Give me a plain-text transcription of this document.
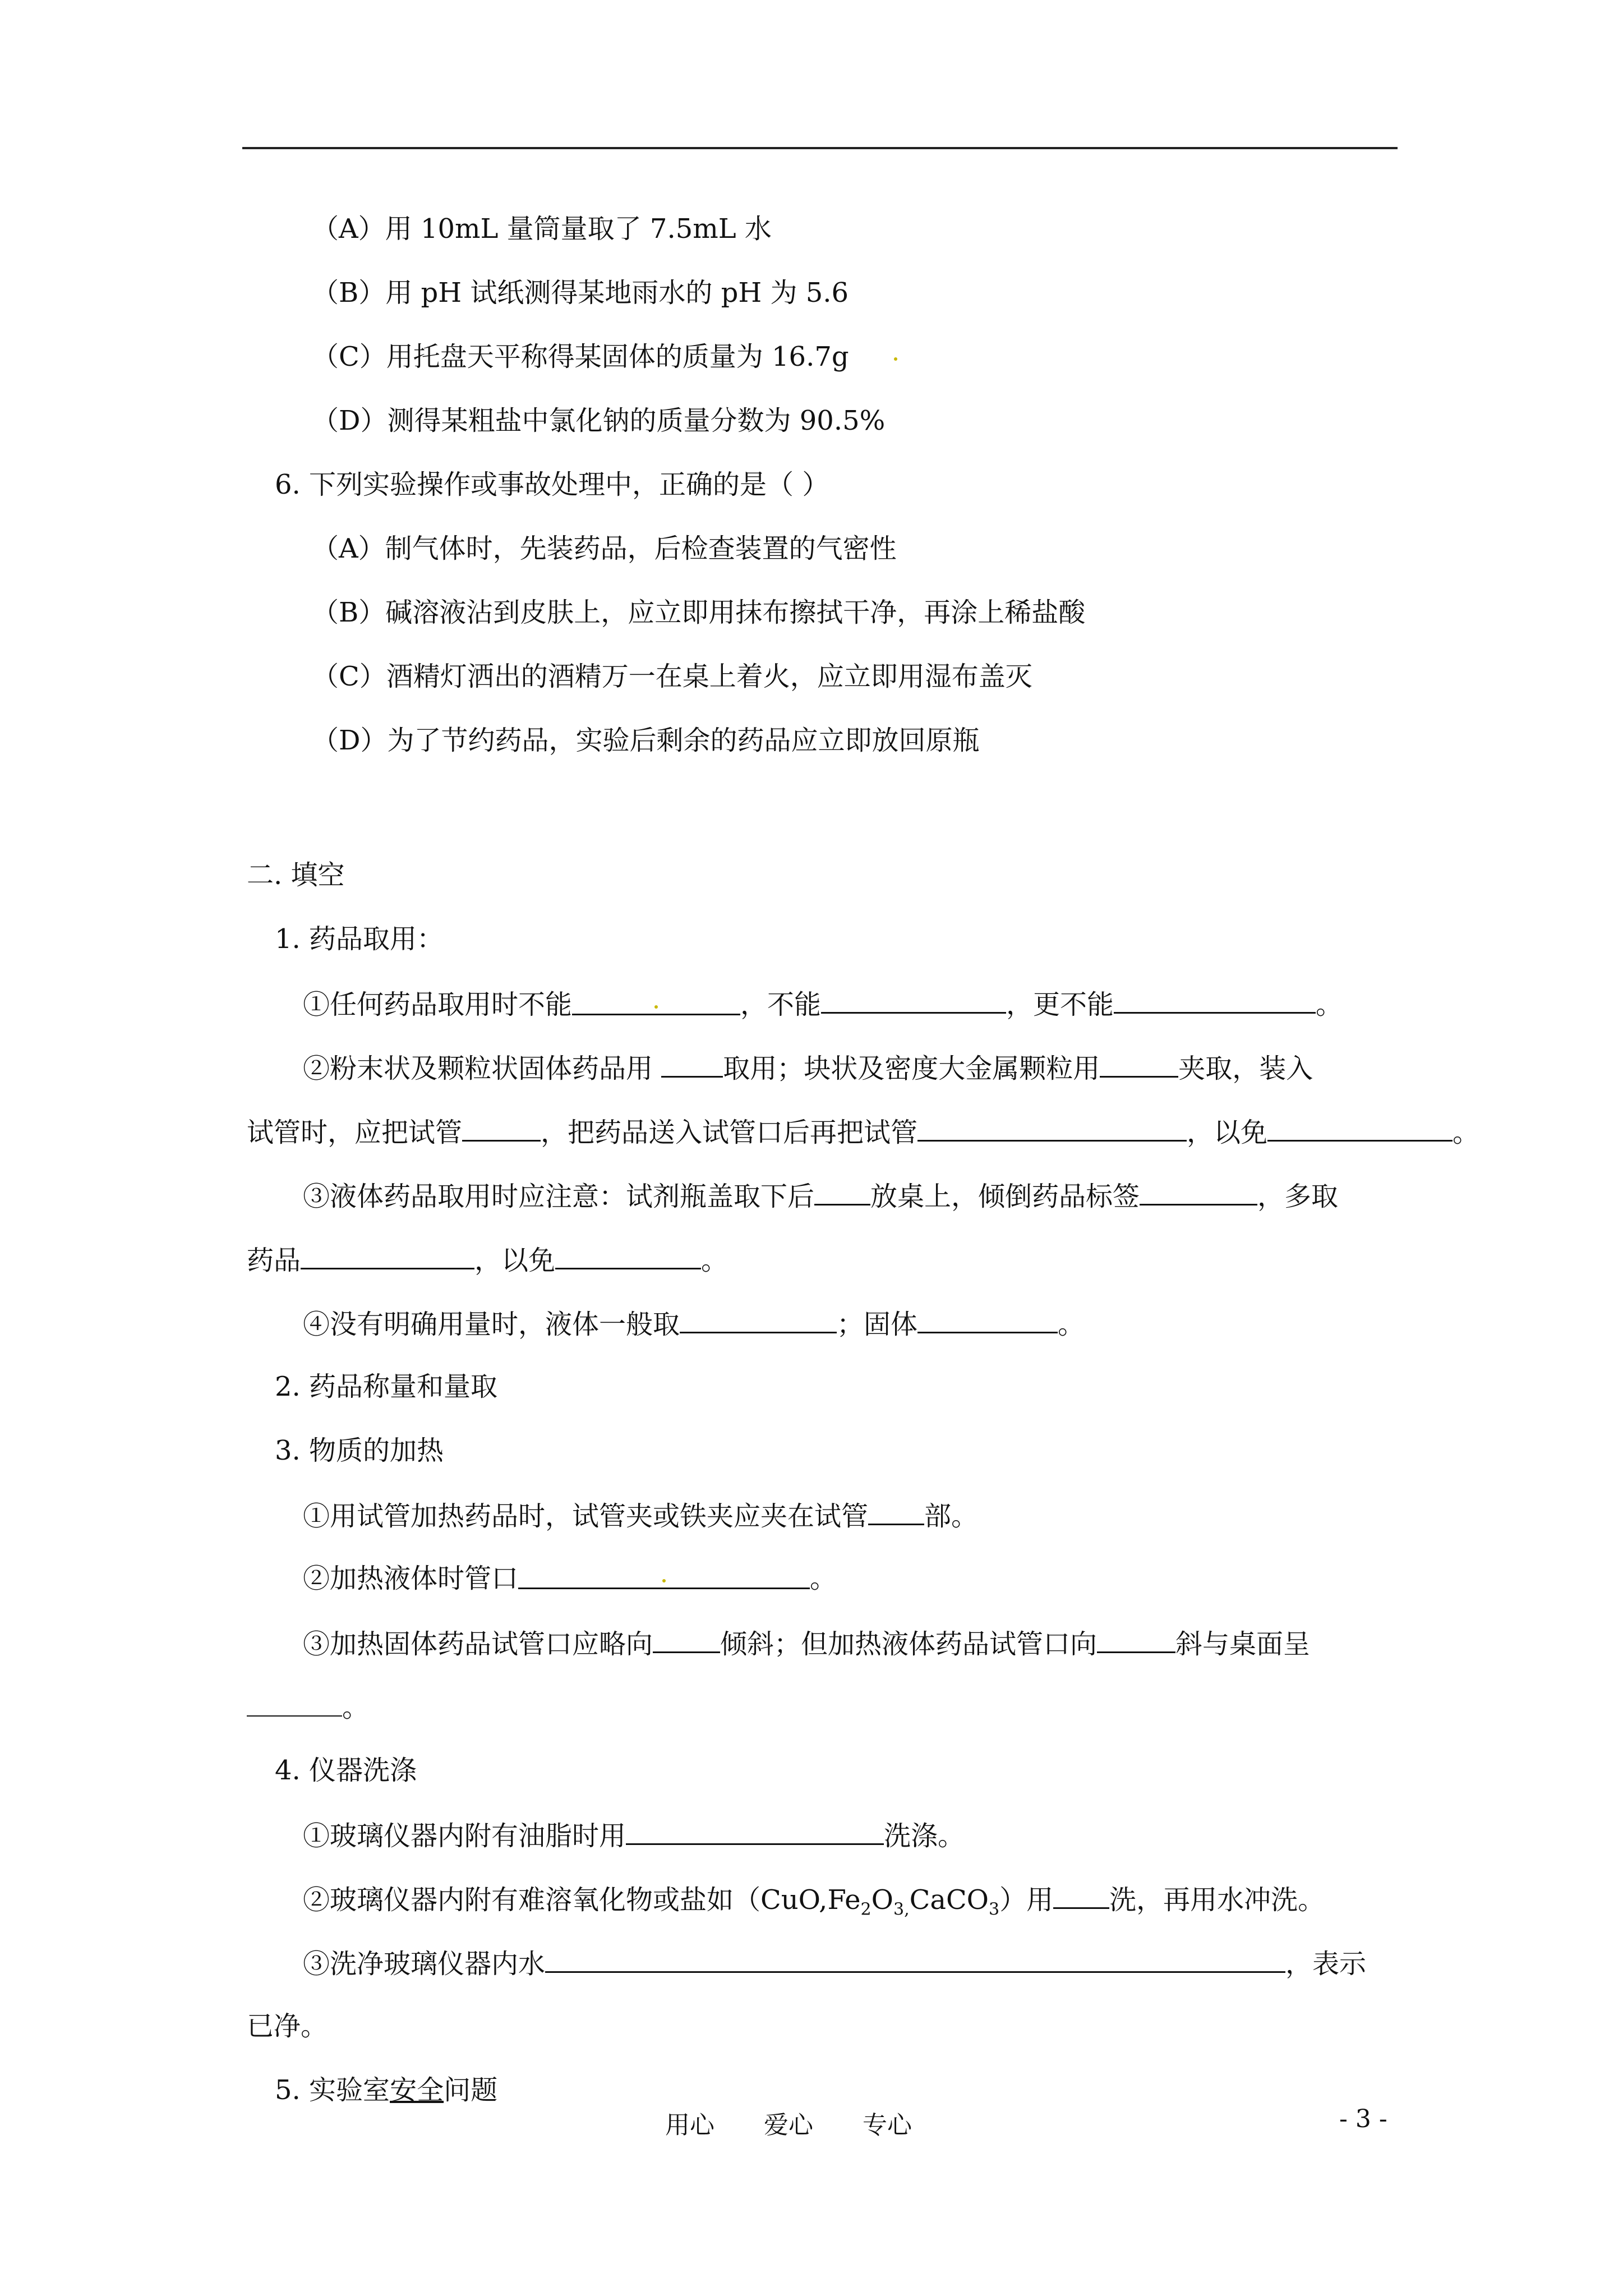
（A）用 10mL 量筒量取了 7.5mL 水
（B）用 pH 试纸测得某地雨水的 pH 为 5.6
（C）用托盘天平称得某固体的质量为 16.7g
（D）测得某粗盐中氯化钠的质量分数为 90.5%
6. 下列实验操作或事故处理中，正确的是（ ）
（A）制气体时，先装药品，后检查装置的气密性
（B）碱溶液沾到皮肤上，应立即用抹布擦拭干净，再涂上稀盐酸
（C）酒精灯洒出的酒精万一在桌上着火，应立即用湿布盖灭
（D）为了节约药品，实验后剩余的药品应立即放回原瓶
二. 填空
1. 药品取用：
①任何药品取用时不能	，不能	，更不能	。
②粉末状及颗粒状固体药品用 取用；块状及密度大金属颗粒用	夹取，装入
试管时，应把试管	，把药品送入试管口后再把试管	，以免	。
③液体药品取用时应注意：试剂瓶盖取下后 放桌上，倾倒药品标签	，多取
药品	，以免	。
④没有明确用量时，液体一般取	；固体	。
2. 药品称量和量取
3. 物质的加热
①用试管加热药品时，试管夹或铁夹应夹在试管 部。
②加热液体时管口	。
③加热固体药品试管口应略向	倾斜；但加热液体药品试管口向	斜与桌面呈
。
4. 仪器洗涤
①玻璃仪器内附有油脂时用	洗涤。
②玻璃仪器内附有难溶氧化物或盐如$(CuO,Fe_2O_{3,}CaCO_3)$用 洗，再用水冲洗。
③洗净玻璃仪器内水	，表示
已净。
5. 实验室安全问题
用心 爱心 专心	- 3 -
